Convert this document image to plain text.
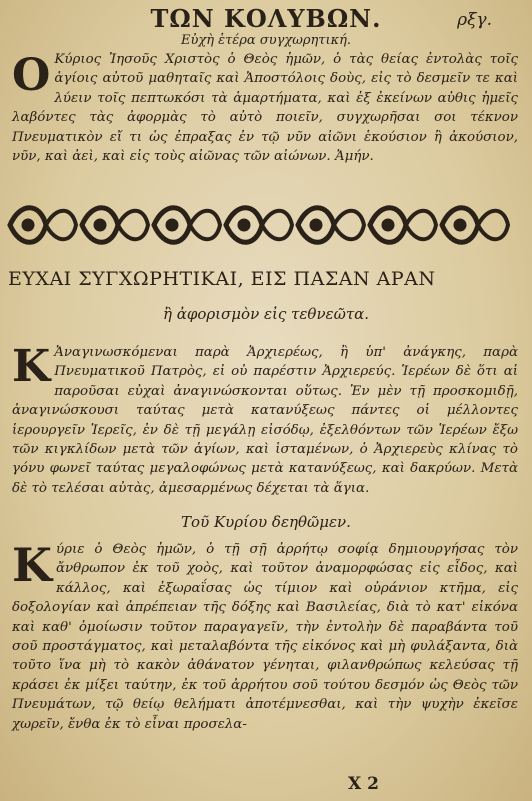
ΤΩΝ ΚΟΛΥΒΩΝ.	ρξγ.
Εὐχὴ ἑτέρα συγχωρητική.
Ο Κύριος Ἰησοῦς Χριστὸς ὁ Θεὸς ἡμῶν, ὁ τὰς θείας ἐντολὰς τοῖς ἁγίοις αὐτοῦ μαθηταῖς καὶ Ἀποστόλοις δοὺς, εἰς τὸ δεσμεῖν τε καὶ λύειν τοῖς πεπτωκόσι τὰ ἁμαρτήματα, καὶ ἐξ ἐκείνων αὐθις ἡμεῖς λαβόντες τὰς ἀφορμὰς τὸ αὐτὸ ποιεῖν, συγχωρῆσαι σοι τέκνον Πνευματικὸν εἴ τι ὡς ἐπραξας ἐν τῷ νῦν αἰῶνι ἑκούσιον ἢ ἀκούσιον, νῦν, καὶ ἀεὶ, καὶ εἰς τοὺς αἰῶνας τῶν αἰώνων. Ἀμήν.
ΕΥΧΑΙ ΣΥΓΧΩΡΗΤΙΚΑΙ, ΕΙΣ ΠΑΣΑΝ ΑΡΑΝ
ἢ ἀφορισμὸν εἰς τεθνεῶτα.
Κ Ἀναγινωσκόμεναι παρὰ Ἀρχιερέως, ἢ ὑπ' ἀνάγκης, παρὰ Πνευματικοῦ Πατρὸς, εἰ οὐ παρέστιν Ἀρχιερεύς. Ἱερέων δὲ ὅτι αἱ παροῦσαι εὐχαὶ ἀναγινώσκονται οὕτως. Ἐν μὲν τῇ προσκομιδῇ, ἀναγινώσκουσι ταύτας μετὰ κατανύξεως πάντες οἱ μέλλοντες ἱερουργεῖν Ἱερεῖς, ἐν δὲ τῇ μεγάλῃ εἰσόδῳ, ἐξελθόντων τῶν Ἱερέων ἔξω τῶν κιγκλίδων μετὰ τῶν ἁγίων, καὶ ἱσταμένων, ὁ Ἀρχιερεὺς κλίνας τὸ γόνυ φωνεῖ ταύτας μεγαλοφώνως μετὰ κατανύξεως, καὶ δακρύων. Μετὰ δὲ τὸ τελέσαι αὐτὰς, ἀμεσαρμένως δέχεται τὰ ἅγια.
Τοῦ Κυρίου δεηθῶμεν.
Κύριε ὁ Θεὸς ἡμῶν, ὁ τῇ σῇ ἀρρήτῳ σοφίᾳ δημιουργήσας τὸν ἄνθρωπον ἐκ τοῦ χοὸς, καὶ τοῦτον ἀναμορφώσας εἰς εἶδος, καὶ κάλλος, καὶ ἐξωραΐσας ὡς τίμιον καὶ οὐράνιον κτῆμα, εἰς δοξολογίαν καὶ ἀπρέπειαν τῆς δόξης καὶ Βασιλείας, διὰ τὸ κατ' εἰκόνα καὶ καθ' ὁμοίωσιν τοῦτον παραγαγεῖν, τὴν ἐντολὴν δὲ παραβάντα τοῦ σοῦ προστάγματος, καὶ μεταλαβόντα τῆς εἰκόνος καὶ μὴ φυλάξαντα, διὰ τοῦτο ἵνα μὴ τὸ κακὸν ἀθάνατον γένηται, φιλανθρώπως κελεύσας τῇ κράσει ἐκ μίξει ταύτην, ἐκ τοῦ ἀρρήτου σοῦ τούτου δεσμόν ὡς Θεὸς τῶν Πνευμάτων, τῷ θείῳ θελήματι ἀποτέμνεσθαι, καὶ τὴν ψυχὴν ἐκεῖσε χωρεῖν, ἔνθα ἐκ τὸ εἶναι προσελα-
X 2
